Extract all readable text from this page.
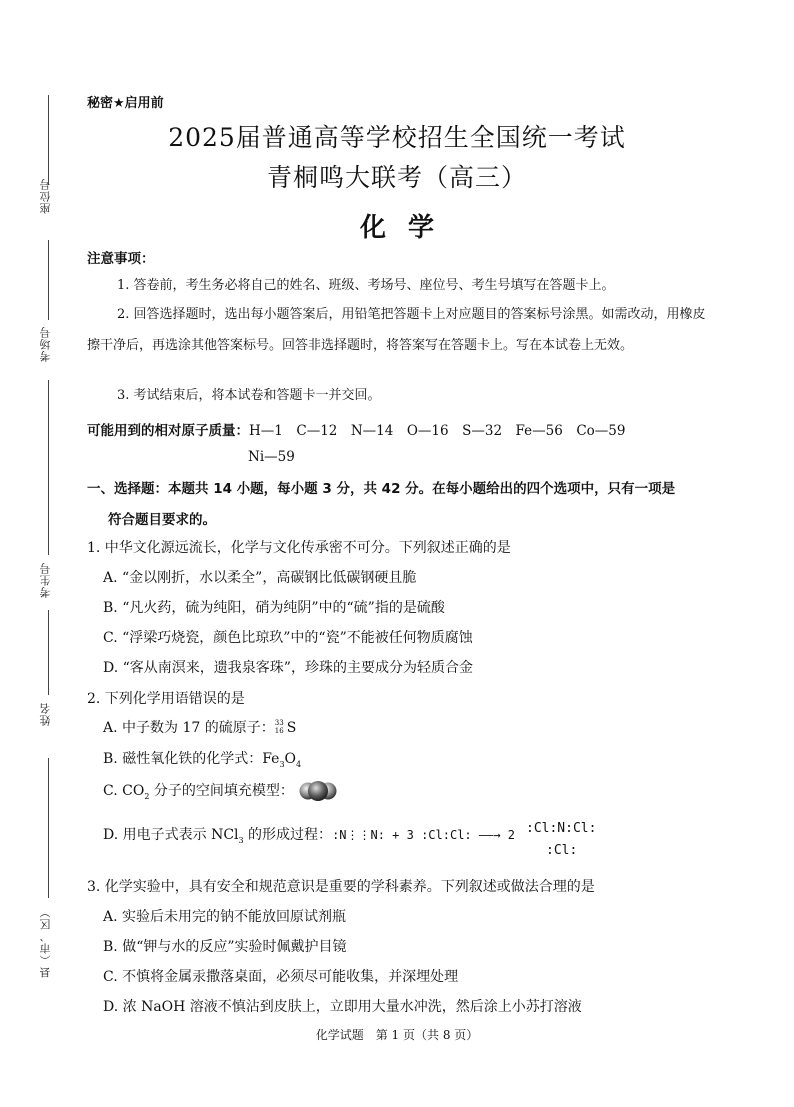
座位号
考场号
考生号
姓名
县（市、区）
秘密★启用前
2025届普通高等学校招生全国统一考试
青桐鸣大联考（高三）
化学
注意事项：
1. 答卷前，考生务必将自己的姓名、班级、考场号、座位号、考生号填写在答题卡上。
2. 回答选择题时，选出每小题答案后，用铅笔把答题卡上对应题目的答案标号涂黑。如需改动，用橡皮擦干净后，再选涂其他答案标号。回答非选择题时，将答案写在答题卡上。写在本试卷上无效。
3. 考试结束后，将本试卷和答题卡一并交回。
可能用到的相对原子质量：H—1　C—12　N—14　O—16　S—32　Fe—56　Co—59
Ni—59
一、选择题：本题共 14 小题，每小题 3 分，共 42 分。在每小题给出的四个选项中，只有一项是
符合题目要求的。
1. 中华文化源远流长，化学与文化传承密不可分。下列叙述正确的是
A. “金以刚折，水以柔全”，高碳钢比低碳钢硬且脆
B. “凡火药，硫为纯阳，硝为纯阴”中的“硫”指的是硫酸
C. “浮梁巧烧瓷，颜色比琼玖”中的“瓷”不能被任何物质腐蚀
D. “客从南溟来，遗我泉客珠”，珍珠的主要成分为轻质合金
2. 下列化学用语错误的是
A. 中子数为 17 的硫原子： 33
16 S
B. 磁性氧化铁的化学式：$Fe_3O_4$
C. $CO_2$ 分子的空间填充模型：
D. 用电子式表示 NCl$_3$ 的形成过程：:N⋮⋮N: + 3 :Cl:Cl: ——→ 2 :Cl:N:Cl:
:Cl:
3. 化学实验中，具有安全和规范意识是重要的学科素养。下列叙述或做法合理的是
A. 实验后未用完的钠不能放回原试剂瓶
B. 做“钾与水的反应”实验时佩戴护目镜
C. 不慎将金属汞撒落桌面，必须尽可能收集，并深埋处理
D. 浓 NaOH 溶液不慎沾到皮肤上，立即用大量水冲洗，然后涂上小苏打溶液
化学试题　第 1 页（共 8 页）
